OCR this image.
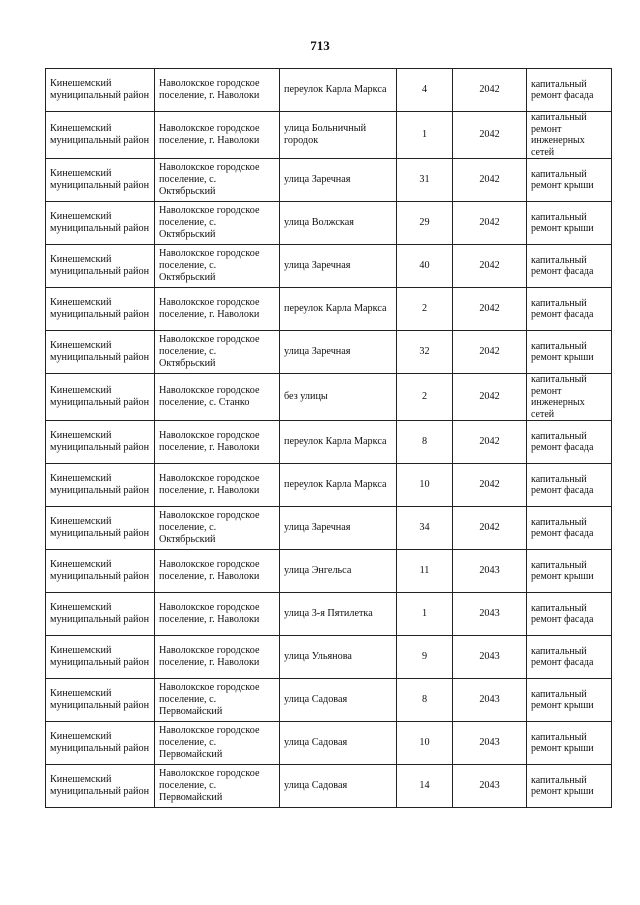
713
Кинешемский муниципальный район	Наволокское городское поселение, г. Наволоки	переулок Карла Маркса	4	2042	капитальный ремонт фасада
Кинешемский муниципальный район	Наволокское городское поселение, г. Наволоки	улица Больничный городок	1	2042	капитальный ремонт инженерных сетей
Кинешемский муниципальный район	Наволокское городское поселение, с. Октябрьский	улица Заречная	31	2042	капитальный ремонт крыши
Кинешемский муниципальный район	Наволокское городское поселение, с. Октябрьский	улица Волжская	29	2042	капитальный ремонт крыши
Кинешемский муниципальный район	Наволокское городское поселение, с. Октябрьский	улица Заречная	40	2042	капитальный ремонт фасада
Кинешемский муниципальный район	Наволокское городское поселение, г. Наволоки	переулок Карла Маркса	2	2042	капитальный ремонт фасада
Кинешемский муниципальный район	Наволокское городское поселение, с. Октябрьский	улица Заречная	32	2042	капитальный ремонт крыши
Кинешемский муниципальный район	Наволокское городское поселение, с. Станко	без улицы	2	2042	капитальный ремонт инженерных сетей
Кинешемский муниципальный район	Наволокское городское поселение, г. Наволоки	переулок Карла Маркса	8	2042	капитальный ремонт фасада
Кинешемский муниципальный район	Наволокское городское поселение, г. Наволоки	переулок Карла Маркса	10	2042	капитальный ремонт фасада
Кинешемский муниципальный район	Наволокское городское поселение, с. Октябрьский	улица Заречная	34	2042	капитальный ремонт фасада
Кинешемский муниципальный район	Наволокское городское поселение, г. Наволоки	улица Энгельса	11	2043	капитальный ремонт крыши
Кинешемский муниципальный район	Наволокское городское поселение, г. Наволоки	улица 3-я Пятилетка	1	2043	капитальный ремонт фасада
Кинешемский муниципальный район	Наволокское городское поселение, г. Наволоки	улица Ульянова	9	2043	капитальный ремонт фасада
Кинешемский муниципальный район	Наволокское городское поселение, с. Первомайский	улица Садовая	8	2043	капитальный ремонт крыши
Кинешемский муниципальный район	Наволокское городское поселение, с. Первомайский	улица Садовая	10	2043	капитальный ремонт крыши
Кинешемский муниципальный район	Наволокское городское поселение, с. Первомайский	улица Садовая	14	2043	капитальный ремонт крыши
